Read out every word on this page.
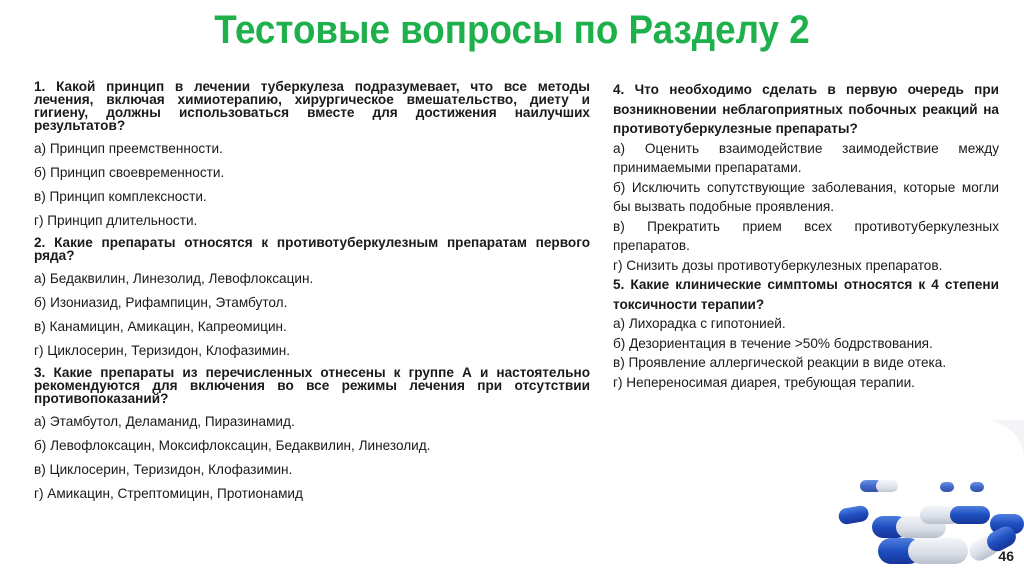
Тестовые вопросы по Разделу 2

1. Какой принцип в лечении туберкулеза подразумевает, что все методы лечения, включая химиотерапию, хирургическое вмешательство, диету и гигиену, должны использоваться вместе для достижения наилучших результатов?

а) Принцип преемственности.

б) Принцип своевременности.

в) Принцип комплексности.

г) Принцип длительности.

2. Какие препараты относятся к противотуберкулезным препаратам первого ряда?

а) Бедаквилин, Линезолид, Левофлоксацин.

б) Изониазид, Рифампицин, Этамбутол.

в) Канамицин, Амикацин, Капреомицин.

г) Циклосерин, Теризидон, Клофазимин.

3. Какие препараты из перечисленных отнесены к группе А и настоятельно рекомендуются для включения во все режимы лечения при отсутствии противопоказаний?

а) Этамбутол, Деламанид, Пиразинамид.

б) Левофлоксацин, Моксифлоксацин, Бедаквилин, Линезолид.

в) Циклосерин, Теризидон, Клофазимин.

г) Амикацин, Стрептомицин, Протионамид

4. Что необходимо сделать в первую очередь при возникновении неблагоприятных побочных реакций на противотуберкулезные препараты?

а) Оценить взаимодействие заимодействие между принимаемыми препаратами.

б) Исключить сопутствующие заболевания, которые могли бы вызвать подобные проявления.

в) Прекратить прием всех противотуберкулезных препаратов.

г) Снизить дозы противотуберкулезных препаратов.

5. Какие клинические симптомы относятся к 4 степени токсичности терапии?

а) Лихорадка с гипотонией.

б) Дезориентация в течение >50% бодрствования.

в) Проявление аллергической реакции в виде отека.

г) Непереносимая диарея, требующая терапии.

46
